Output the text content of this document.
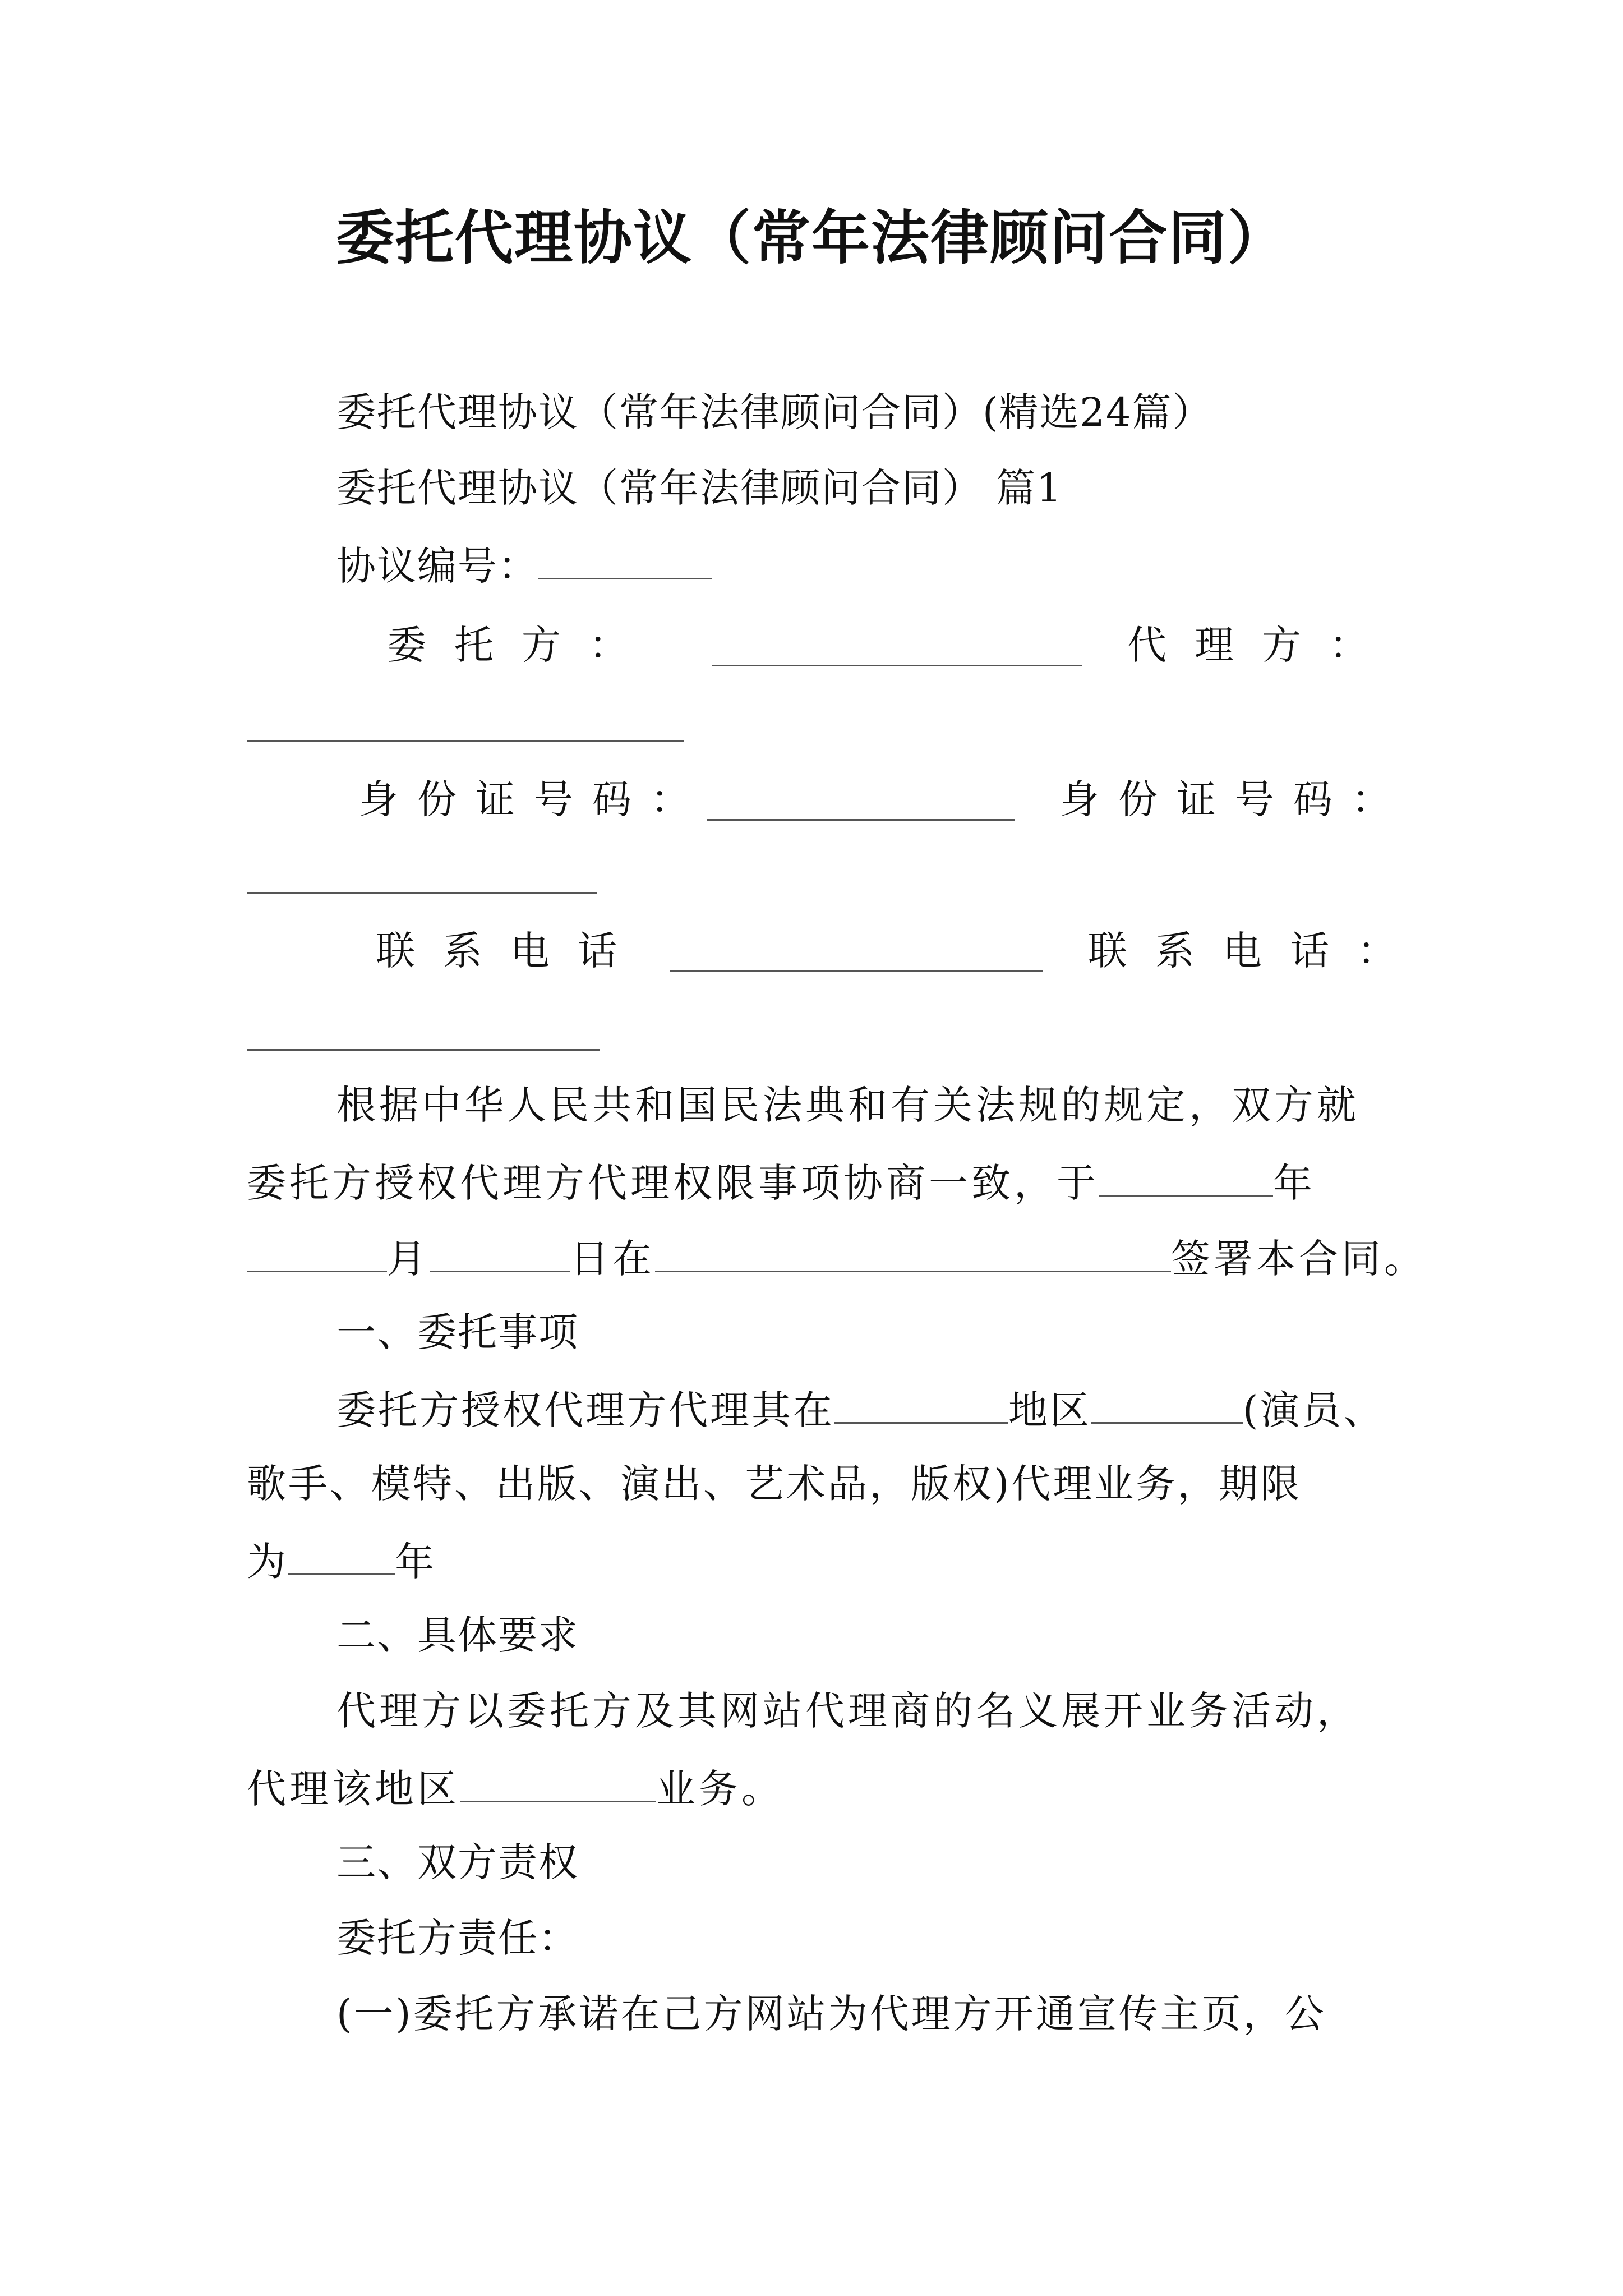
委托代理协议（常年法律顾问合同）
委托代理协议（常年法律顾问合同）(精选24篇）
委托代理协议（常年法律顾问合同） 篇1
协议编号：
委托方：	代理方：
身份证号码：	身份证号码：
联系电话	联系电话：
根据中华人民共和国民法典和有关法规的规定，双方就
委托方授权代理方代理权限事项协商一致，于	年
月	日在	签署本合同。
一、委托事项
委托方授权代理方代理其在	地区	(演员、
歌手、模特、出版、演出、艺术品，版权)代理业务，期限
为	年
二、具体要求
代理方以委托方及其网站代理商的名义展开业务活动，
代理该地区	业务。
三、双方责权
委托方责任：
(一)委托方承诺在己方网站为代理方开通宣传主页，公
